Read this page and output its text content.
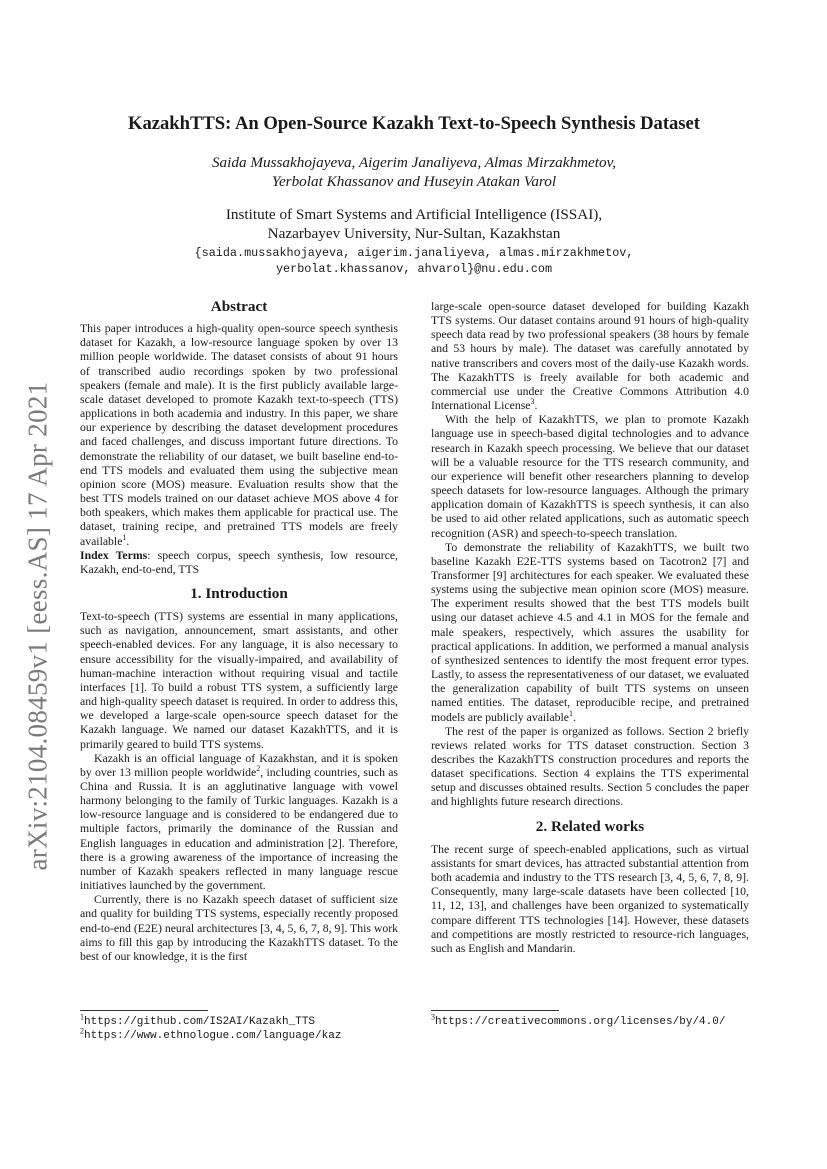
arXiv:2104.08459v1 [eess.AS] 17 Apr 2021
KazakhTTS: An Open-Source Kazakh Text-to-Speech Synthesis Dataset
Saida Mussakhojayeva, Aigerim Janaliyeva, Almas Mirzakhmetov,
Yerbolat Khassanov and Huseyin Atakan Varol
Institute of Smart Systems and Artificial Intelligence (ISSAI),
Nazarbayev University, Nur-Sultan, Kazakhstan
{saida.mussakhojayeva, aigerim.janaliyeva, almas.mirzakhmetov,
yerbolat.khassanov, ahvarol}@nu.edu.com
Abstract

This paper introduces a high-quality open-source speech synthesis dataset for Kazakh, a low-resource language spoken by over 13 million people worldwide. The dataset consists of about 91 hours of transcribed audio recordings spoken by two professional speakers (female and male). It is the first publicly available large-scale dataset developed to promote Kazakh text-to-speech (TTS) applications in both academia and industry. In this paper, we share our experience by describing the dataset development procedures and faced challenges, and discuss important future directions. To demonstrate the reliability of our dataset, we built baseline end-to-end TTS models and evaluated them using the subjective mean opinion score (MOS) measure. Evaluation results show that the best TTS models trained on our dataset achieve MOS above 4 for both speakers, which makes them applicable for practical use. The dataset, training recipe, and pretrained TTS models are freely available$^1$.

Index Terms: speech corpus, speech synthesis, low resource, Kazakh, end-to-end, TTS

1. Introduction

Text-to-speech (TTS) systems are essential in many applications, such as navigation, announcement, smart assistants, and other speech-enabled devices. For any language, it is also necessary to ensure accessibility for the visually-impaired, and availability of human-machine interaction without requiring visual and tactile interfaces [1]. To build a robust TTS system, a sufficiently large and high-quality speech dataset is required. In order to address this, we developed a large-scale open-source speech dataset for the Kazakh language. We named our dataset KazakhTTS, and it is primarily geared to build TTS systems.

Kazakh is an official language of Kazakhstan, and it is spoken by over 13 million people worldwide$^2$, including countries, such as China and Russia. It is an agglutinative language with vowel harmony belonging to the family of Turkic languages. Kazakh is a low-resource language and is considered to be endangered due to multiple factors, primarily the dominance of the Russian and English languages in education and administration [2]. Therefore, there is a growing awareness of the importance of increasing the number of Kazakh speakers reflected in many language rescue initiatives launched by the government.

Currently, there is no Kazakh speech dataset of sufficient size and quality for building TTS systems, especially recently proposed end-to-end (E2E) neural architectures [3, 4, 5, 6, 7, 8, 9]. This work aims to fill this gap by introducing the KazakhTTS dataset. To the best of our knowledge, it is the first

$^1$https://github.com/IS2AI/Kazakh_TTS
$^2$https://www.ethnologue.com/language/kaz

large-scale open-source dataset developed for building Kazakh TTS systems. Our dataset contains around 91 hours of high-quality speech data read by two professional speakers (38 hours by female and 53 hours by male). The dataset was carefully annotated by native transcribers and covers most of the daily-use Kazakh words. The KazakhTTS is freely available for both academic and commercial use under the Creative Commons Attribution 4.0 International License$^3$.

With the help of KazakhTTS, we plan to promote Kazakh language use in speech-based digital technologies and to advance research in Kazakh speech processing. We believe that our dataset will be a valuable resource for the TTS research community, and our experience will benefit other researchers planning to develop speech datasets for low-resource languages. Although the primary application domain of KazakhTTS is speech synthesis, it can also be used to aid other related applications, such as automatic speech recognition (ASR) and speech-to-speech translation.

To demonstrate the reliability of KazakhTTS, we built two baseline Kazakh E2E-TTS systems based on Tacotron2 [7] and Transformer [9] architectures for each speaker. We evaluated these systems using the subjective mean opinion score (MOS) measure. The experiment results showed that the best TTS models built using our dataset achieve 4.5 and 4.1 in MOS for the female and male speakers, respectively, which assures the usability for practical applications. In addition, we performed a manual analysis of synthesized sentences to identify the most frequent error types. Lastly, to assess the representativeness of our dataset, we evaluated the generalization capability of built TTS systems on unseen named entities. The dataset, reproducible recipe, and pretrained models are publicly available$^1$.

The rest of the paper is organized as follows. Section 2 briefly reviews related works for TTS dataset construction. Section 3 describes the KazakhTTS construction procedures and reports the dataset specifications. Section 4 explains the TTS experimental setup and discusses obtained results. Section 5 concludes the paper and highlights future research directions.

2. Related works

The recent surge of speech-enabled applications, such as virtual assistants for smart devices, has attracted substantial attention from both academia and industry to the TTS research [3, 4, 5, 6, 7, 8, 9]. Consequently, many large-scale datasets have been collected [10, 11, 12, 13], and challenges have been organized to systematically compare different TTS technologies [14]. However, these datasets and competitions are mostly restricted to resource-rich languages, such as English and Mandarin.

$^3$https://creativecommons.org/licenses/by/4.0/
